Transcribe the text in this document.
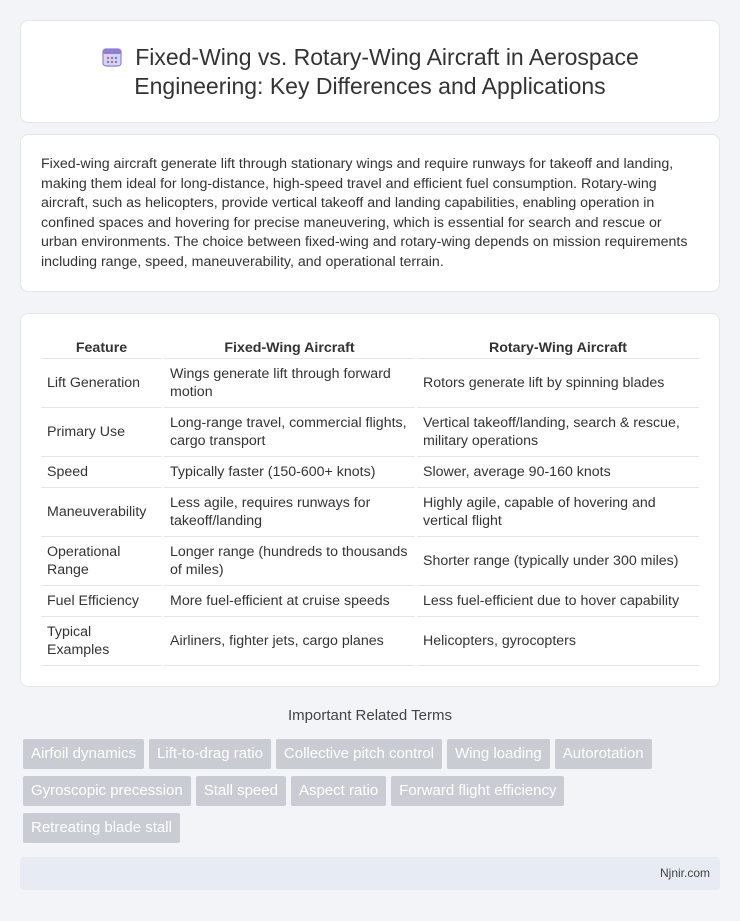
Fixed-Wing vs. Rotary-Wing Aircraft in Aerospace
Engineering: Key Differences and Applications

Fixed-wing aircraft generate lift through stationary wings and require runways for takeoff and landing, making them ideal for long-distance, high-speed travel and efficient fuel consumption. Rotary-wing aircraft, such as helicopters, provide vertical takeoff and landing capabilities, enabling operation in confined spaces and hovering for precise maneuvering, which is essential for search and rescue or urban environments. The choice between fixed-wing and rotary-wing depends on mission requirements including range, speed, maneuverability, and operational terrain.

Feature	Fixed-Wing Aircraft	Rotary-Wing Aircraft
Lift Generation	Wings generate lift through forward motion	Rotors generate lift by spinning blades
Primary Use	Long-range travel, commercial flights, cargo transport	Vertical takeoff/landing, search & rescue, military operations
Speed	Typically faster (150-600+ knots)	Slower, average 90-160 knots
Maneuverability	Less agile, requires runways for takeoff/landing	Highly agile, capable of hovering and vertical flight
Operational Range	Longer range (hundreds to thousands of miles)	Shorter range (typically under 300 miles)
Fuel Efficiency	More fuel-efficient at cruise speeds	Less fuel-efficient due to hover capability
Typical Examples	Airliners, fighter jets, cargo planes	Helicopters, gyrocopters
Important Related Terms
Airfoil dynamics	Lift-to-drag ratio	Collective pitch control	Wing loading	Autorotation
Gyroscopic precession	Stall speed	Aspect ratio	Forward flight efficiency
Retreating blade stall
Njnir.com
